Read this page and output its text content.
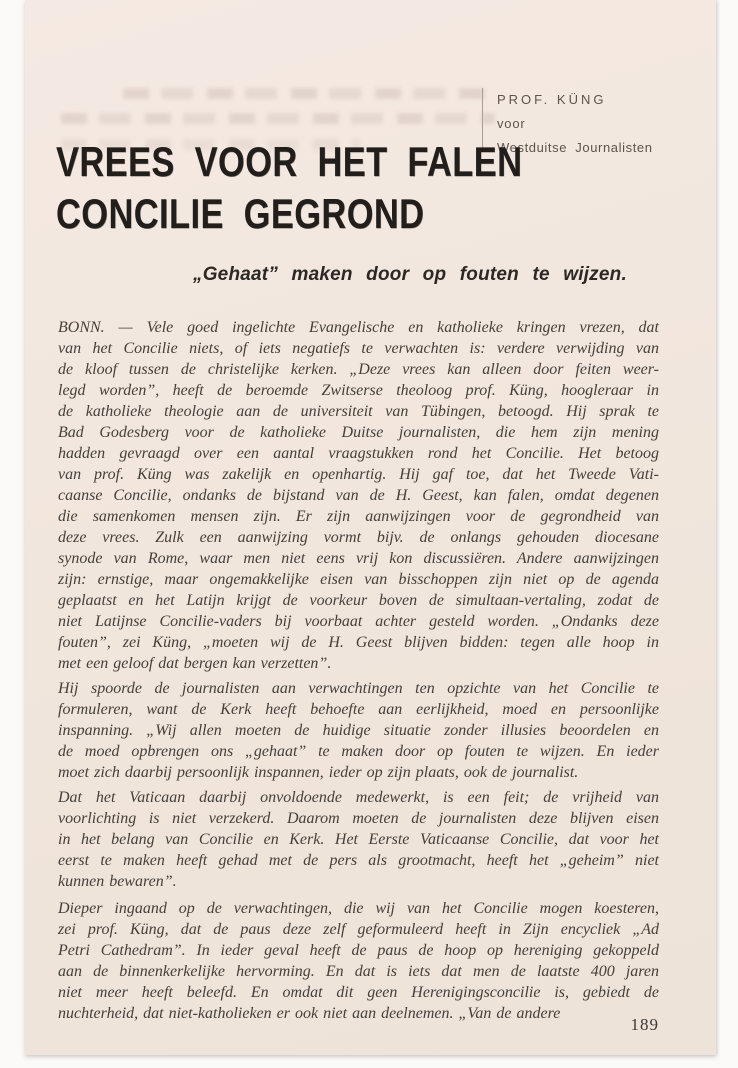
PROF. KÜNG
voor
Westduitse Journalisten
VREES VOOR HET FALEN
CONCILIE GEGROND
„Gehaat” maken door op fouten te wijzen.
BONN. — Vele goed ingelichte Evangelische en katholieke kringen vrezen, dat
van het Concilie niets, of iets negatiefs te verwachten is: verdere verwijding van
de kloof tussen de christelijke kerken. „Deze vrees kan alleen door feiten weer-
legd worden”, heeft de beroemde Zwitserse theoloog prof. Küng, hoogleraar in
de katholieke theologie aan de universiteit van Tübingen, betoogd. Hij sprak te
Bad Godesberg voor de katholieke Duitse journalisten, die hem zijn mening
hadden gevraagd over een aantal vraagstukken rond het Concilie. Het betoog
van prof. Küng was zakelijk en openhartig. Hij gaf toe, dat het Tweede Vati-
caanse Concilie, ondanks de bijstand van de H. Geest, kan falen, omdat degenen
die samenkomen mensen zijn. Er zijn aanwijzingen voor de gegrondheid van
deze vrees. Zulk een aanwijzing vormt bijv. de onlangs gehouden diocesane
synode van Rome, waar men niet eens vrij kon discussiëren. Andere aanwijzingen
zijn: ernstige, maar ongemakkelijke eisen van bisschoppen zijn niet op de agenda
geplaatst en het Latijn krijgt de voorkeur boven de simultaan-vertaling, zodat de
niet Latijnse Concilie-vaders bij voorbaat achter gesteld worden. „Ondanks deze
fouten”, zei Küng, „moeten wij de H. Geest blijven bidden: tegen alle hoop in
met een geloof dat bergen kan verzetten”.
Hij spoorde de journalisten aan verwachtingen ten opzichte van het Concilie te
formuleren, want de Kerk heeft behoefte aan eerlijkheid, moed en persoonlijke
inspanning. „Wij allen moeten de huidige situatie zonder illusies beoordelen en
de moed opbrengen ons „gehaat” te maken door op fouten te wijzen. En ieder
moet zich daarbij persoonlijk inspannen, ieder op zijn plaats, ook de journalist.
Dat het Vaticaan daarbij onvoldoende medewerkt, is een feit; de vrijheid van
voorlichting is niet verzekerd. Daarom moeten de journalisten deze blijven eisen
in het belang van Concilie en Kerk. Het Eerste Vaticaanse Concilie, dat voor het
eerst te maken heeft gehad met de pers als grootmacht, heeft het „geheim” niet
kunnen bewaren”.
Dieper ingaand op de verwachtingen, die wij van het Concilie mogen koesteren,
zei prof. Küng, dat de paus deze zelf geformuleerd heeft in Zijn encycliek „Ad
Petri Cathedram”. In ieder geval heeft de paus de hoop op hereniging gekoppeld
aan de binnenkerkelijke hervorming. En dat is iets dat men de laatste 400 jaren
niet meer heeft beleefd. En omdat dit geen Herenigingsconcilie is, gebiedt de
nuchterheid, dat niet-katholieken er ook niet aan deelnemen. „Van de andere
189
